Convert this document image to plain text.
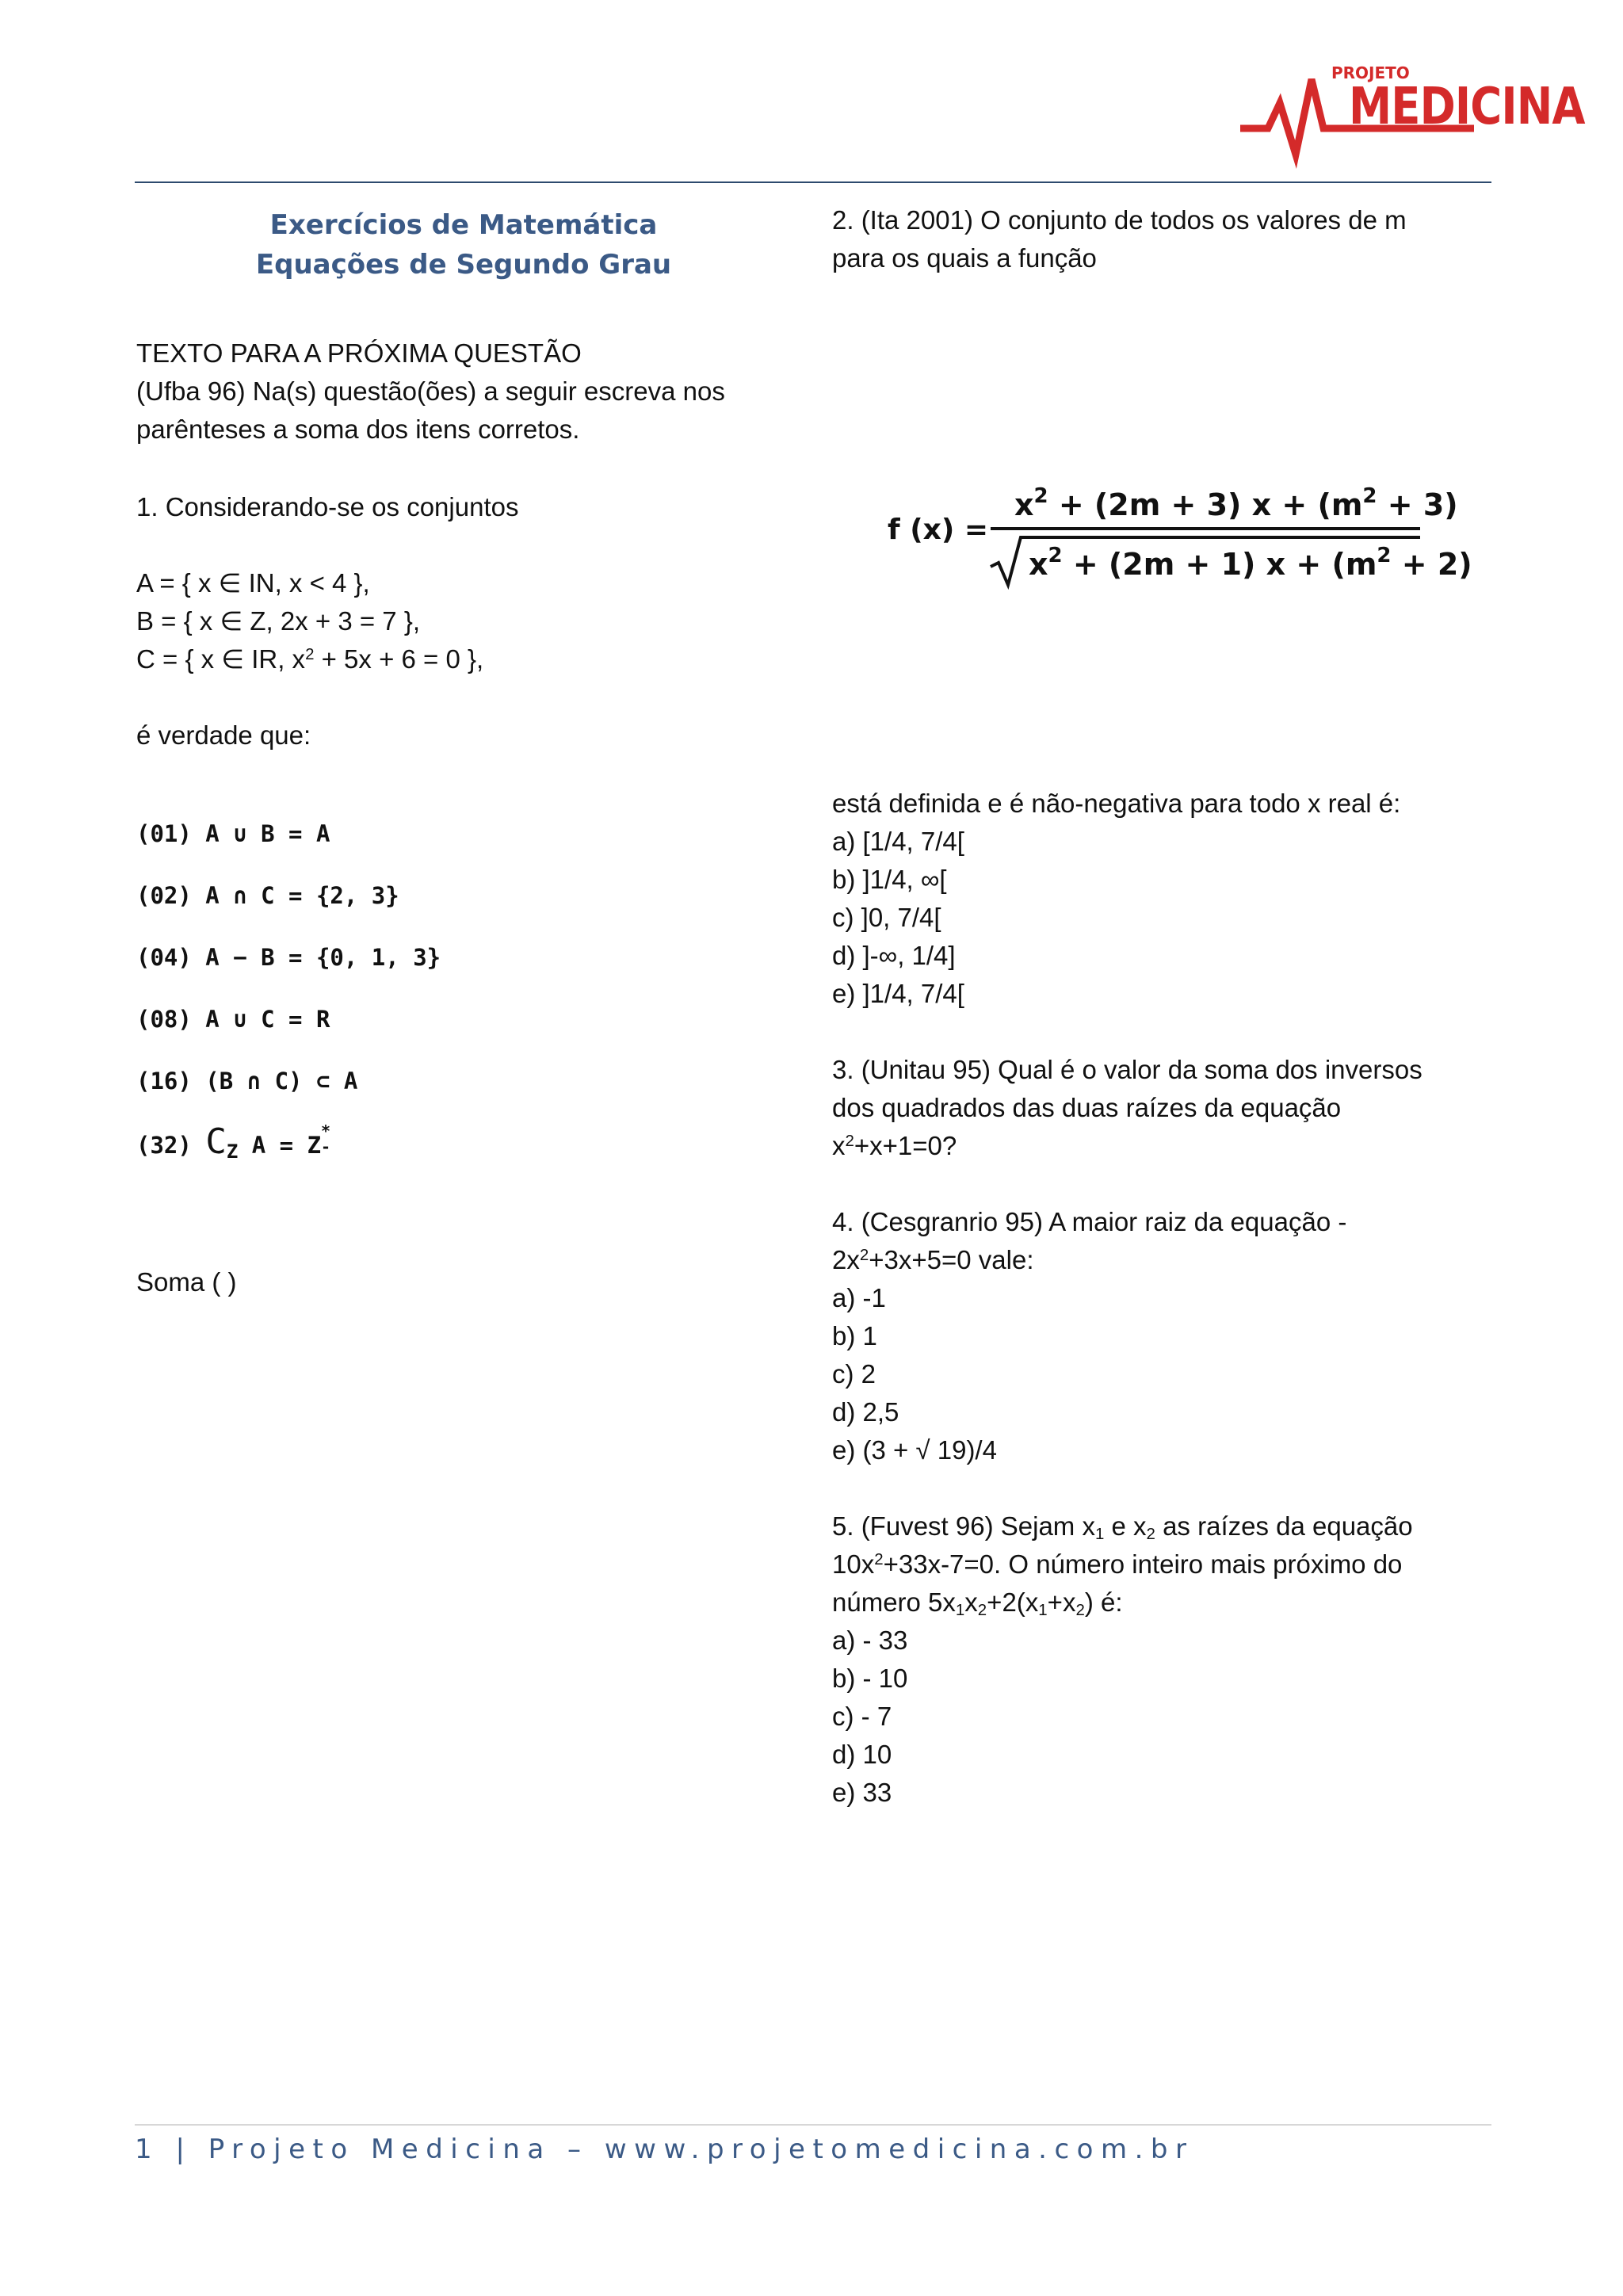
PROJETO
MEDICINA
Exercícios de Matemática
Equações de Segundo Grau

TEXTO PARA A PRÓXIMA QUESTÃO

(Ufba 96) Na(s) questão(ões) a seguir escreva nos

parênteses a soma dos itens corretos.

1. Considerando-se os conjuntos

A = { x ∈ IN, x < 4 },

B = { x ∈ Z, 2x + 3 = 7 },

C = { x ∈ IR, $x^2 + 5x + 6 = 0$ },

é verdade que:

(01) A ∪ B = A
(02) A ∩ C = {2, 3}
(04) A − B = {0, 1, 3}
(08) A ∪ C = R
(16) (B ∩ C) ⊂ A
(32) $C_Z$ A = Z
*
-

Soma ( )

2. (Ita 2001) O conjunto de todos os valores de m

para os quais a função

f (x) =
$x^2 + (2m + 3) x + (m^2 + 3)$
$x^2 + (2m + 1) x + (m^2 + 2)$

está definida e é não-negativa para todo x real é:

a) [1/4, 7/4[

b) ]1/4, ∞[

c) ]0, 7/4[

d) ]-∞, 1/4]

e) ]1/4, 7/4[

3. (Unitau 95) Qual é o valor da soma dos inversos

dos quadrados das duas raízes da equação

$x^2+x+1=0$?

4. (Cesgranrio 95) A maior raiz da equação -

$2x^2+3x+5=0$ vale:

a) -1

b) 1

c) 2

d) 2,5

e) (3 + √ 19)/4

5. (Fuvest 96) Sejam $x_1$ e $x_2$ as raízes da equação

$10x^2+33x-7=0$. O número inteiro mais próximo do

número $5x_1x_2+2(x_1+x_2)$ é:

a) - 33

b) - 10

c) - 7

d) 10

e) 33

1 | Projeto Medicina – www.projetomedicina.com.br
